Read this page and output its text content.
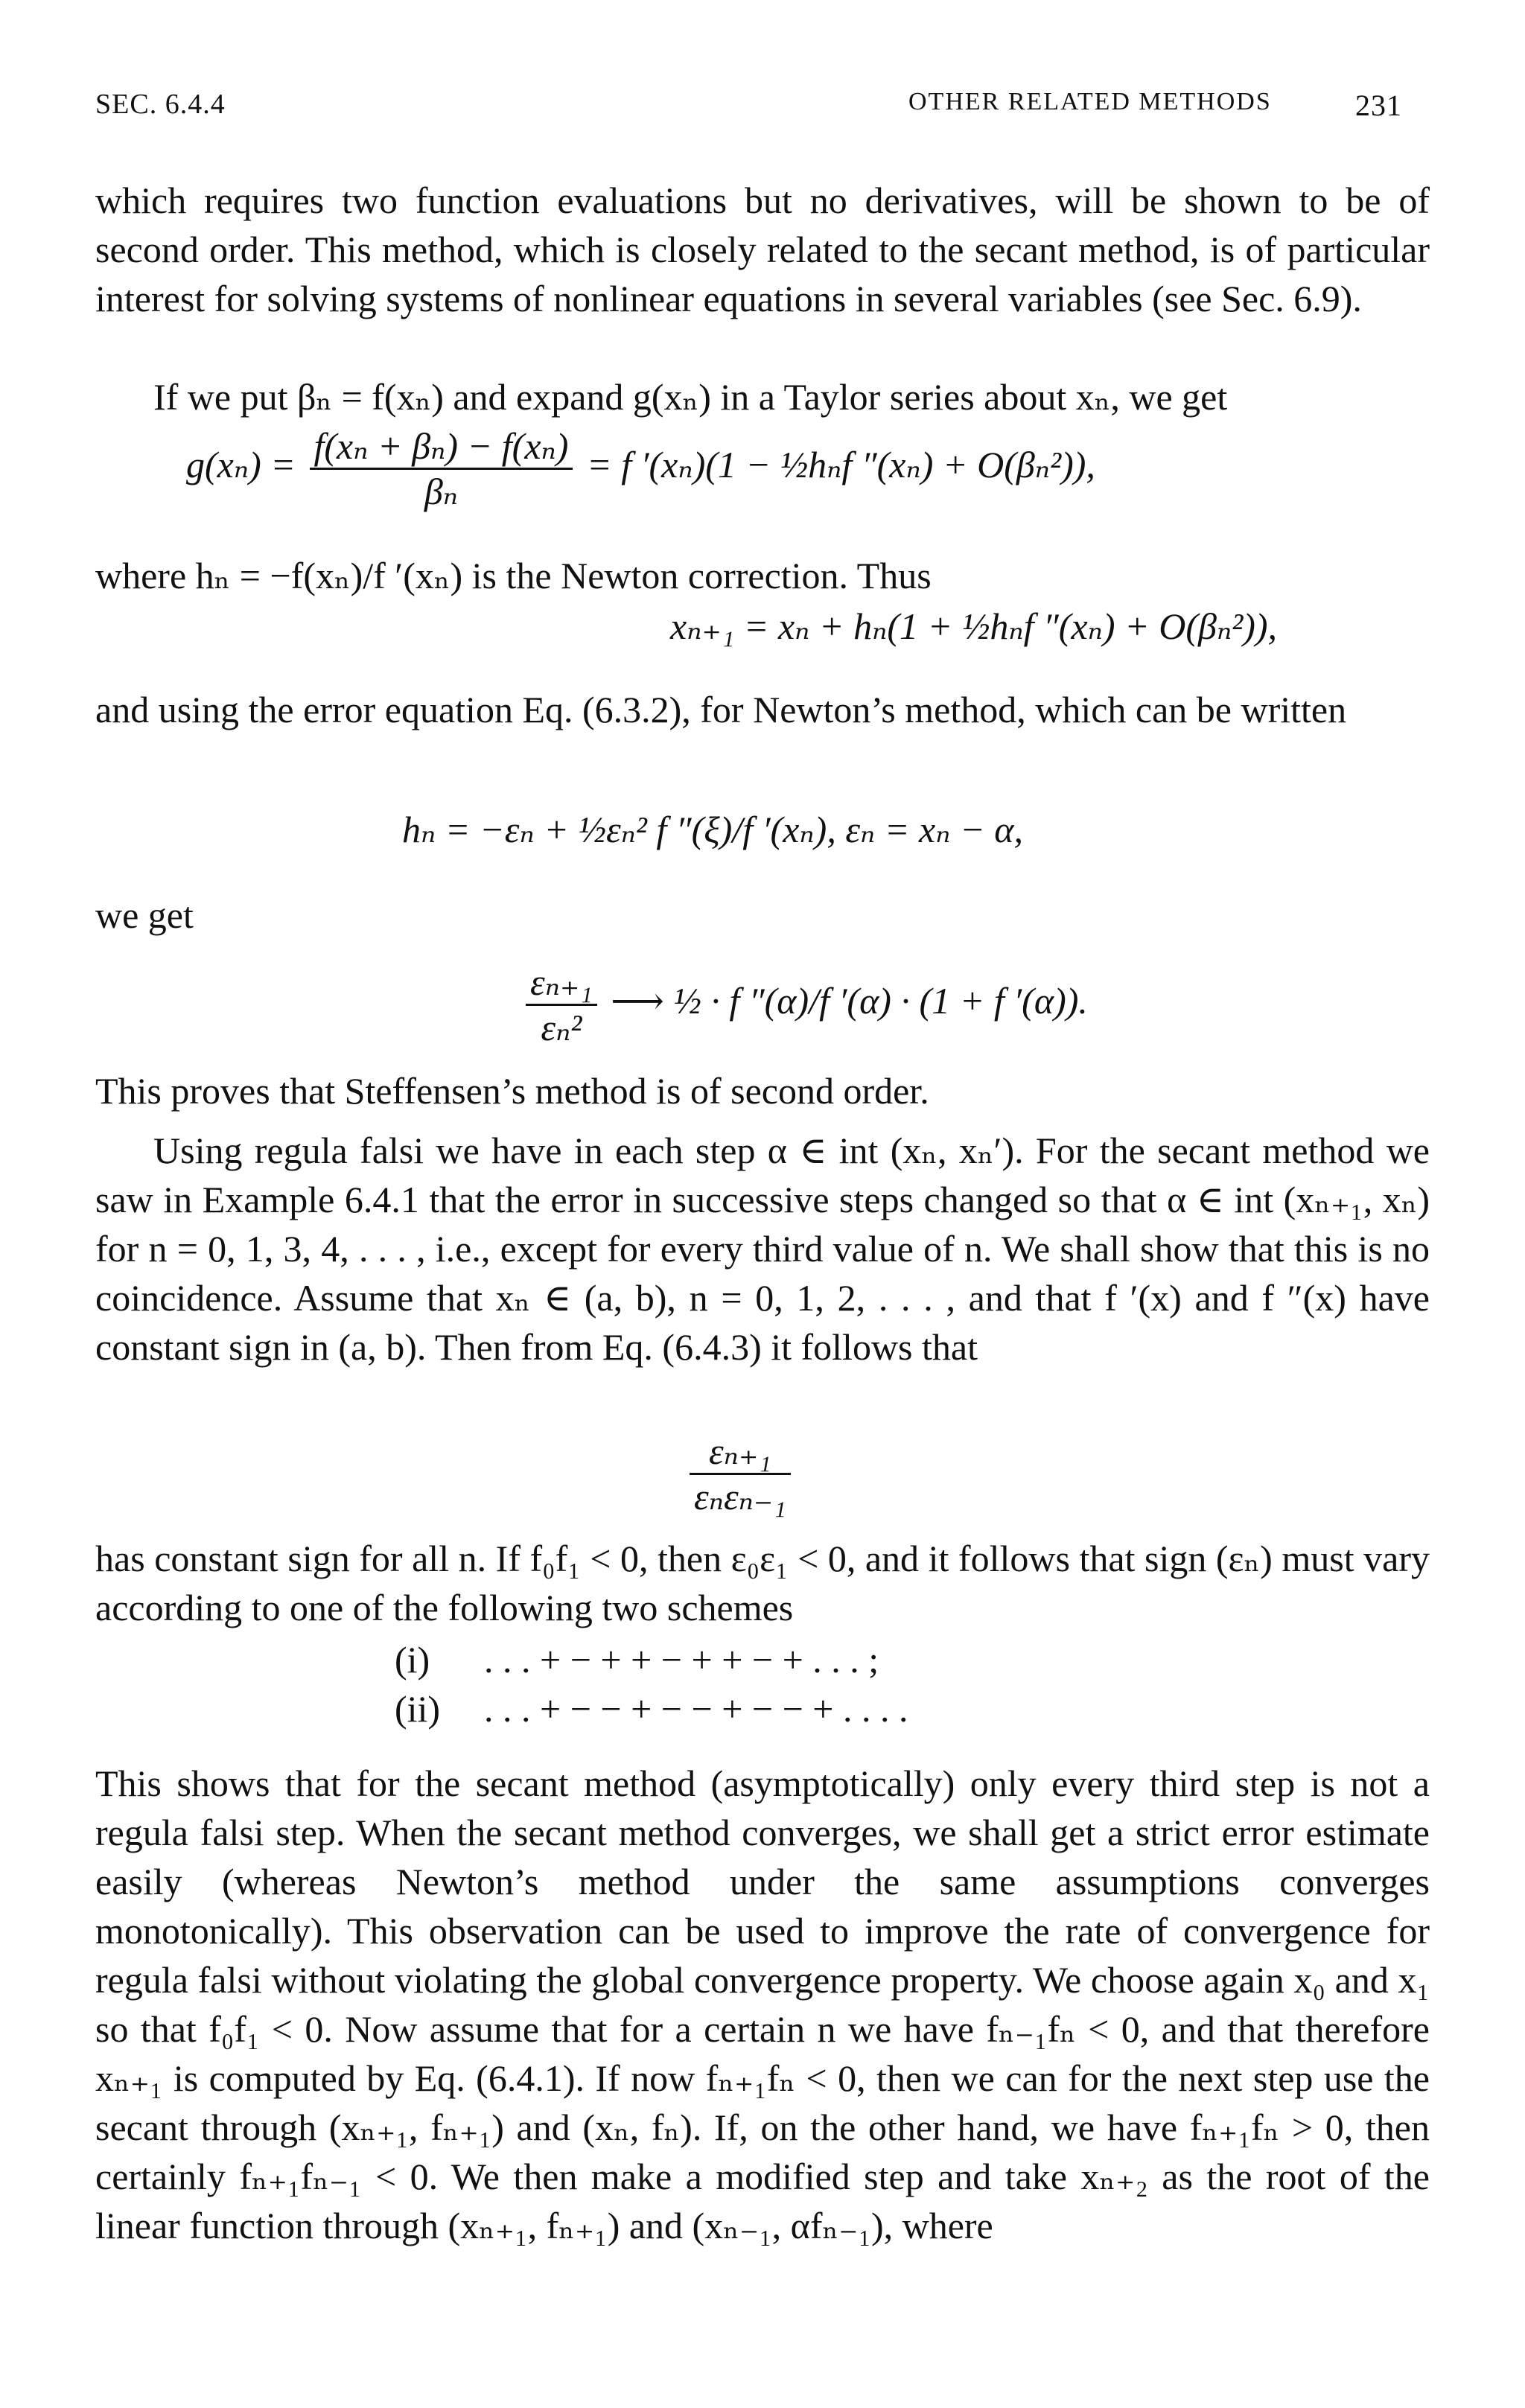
SEC. 6.4.4	OTHER RELATED METHODS	231
which requires two function evaluations but no derivatives, will be shown to be of second order. This method, which is closely related to the secant method, is of particular interest for solving systems of nonlinear equations in several variables (see Sec. 6.9).
If we put βₙ = f(xₙ) and expand g(xₙ) in a Taylor series about xₙ, we get
$g(x_n) = \frac{\text{f(xₙ + βₙ) − f(xₙ)}}{\text{βₙ}} = f$ ′(xₙ)(1 − ½hₙf ″(xₙ) + O(βₙ²)),
where hₙ = −f(xₙ)/f ′(xₙ) is the Newton correction. Thus
xₙ₊₁ = xₙ + hₙ(1 + ½hₙf ″(xₙ) + O(βₙ²)),
and using the error equation Eq. (6.3.2), for Newton’s method, which can be written
hₙ = −εₙ + ½εₙ² f ″(ξ)/f ′(xₙ), εₙ = xₙ − α,
we get
$\frac{\text{εₙ₊₁}}{\text{εₙ²}}$ ⟶ ½ · f ″(α)/f ′(α) · (1 + f ′(α)).
This proves that Steffensen’s method is of second order.
Using regula falsi we have in each step α ∈ int (xₙ, xₙ′). For the secant method we saw in Example 6.4.1 that the error in successive steps changed so that α ∈ int (xₙ₊₁, xₙ) for n = 0, 1, 3, 4, . . . , i.e., except for every third value of n. We shall show that this is no coincidence. Assume that xₙ ∈ (a, b), n = 0, 1, 2, . . . , and that f ′(x) and f ″(x) have constant sign in (a, b). Then from Eq. (6.4.3) it follows that
$\frac{\text{εₙ₊₁}}{\text{εₙεₙ₋₁}}$
has constant sign for all n. If f₀f₁ < 0, then ε₀ε₁ < 0, and it follows that sign (εₙ) must vary according to one of the following two schemes
(i) . . . + − + + − + + − + . . . ;
(ii) . . . + − − + − − + − − + . . . .
This shows that for the secant method (asymptotically) only every third step is not a regula falsi step. When the secant method converges, we shall get a strict error estimate easily (whereas Newton’s method under the same assumptions converges monotonically). This observation can be used to improve the rate of convergence for regula falsi without violating the global convergence property. We choose again x₀ and x₁ so that f₀f₁ < 0. Now assume that for a certain n we have fₙ₋₁fₙ < 0, and that therefore xₙ₊₁ is computed by Eq. (6.4.1). If now fₙ₊₁fₙ < 0, then we can for the next step use the secant through (xₙ₊₁, fₙ₊₁) and (xₙ, fₙ). If, on the other hand, we have fₙ₊₁fₙ > 0, then certainly fₙ₊₁fₙ₋₁ < 0. We then make a modified step and take xₙ₊₂ as the root of the linear function through (xₙ₊₁, fₙ₊₁) and (xₙ₋₁, αfₙ₋₁), where
